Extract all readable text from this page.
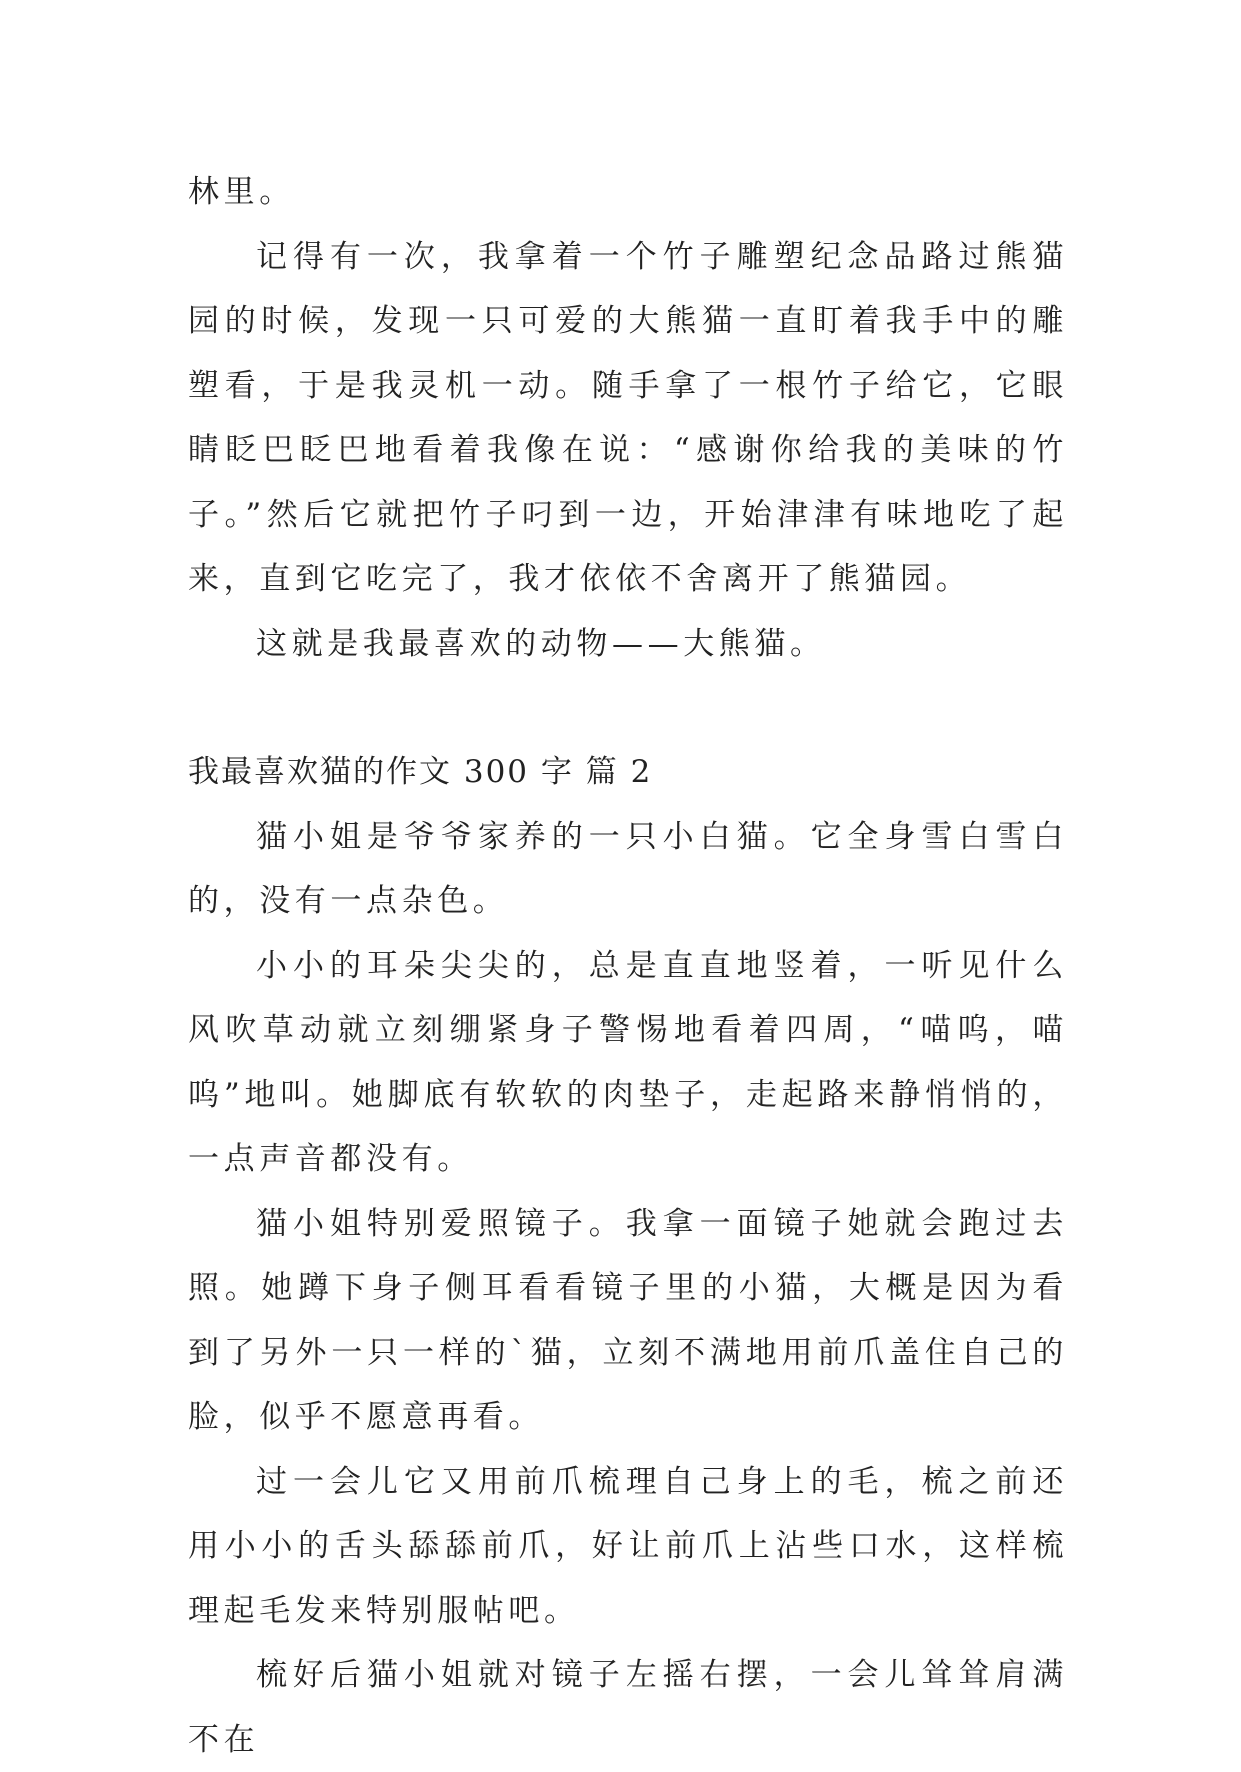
林里。

记得有一次，我拿着一个竹子雕塑纪念品路过熊猫园的时候，发现一只可爱的大熊猫一直盯着我手中的雕塑看，于是我灵机一动。随手拿了一根竹子给它，它眼睛眨巴眨巴地看着我像在说：“感谢你给我的美味的竹子。”然后它就把竹子叼到一边，开始津津有味地吃了起来，直到它吃完了，我才依依不舍离开了熊猫园。

这就是我最喜欢的动物——大熊猫。

我最喜欢猫的作文 300 字 篇 2

猫小姐是爷爷家养的一只小白猫。它全身雪白雪白的，没有一点杂色。

小小的耳朵尖尖的，总是直直地竖着，一听见什么风吹草动就立刻绷紧身子警惕地看着四周，“喵呜，喵呜”地叫。她脚底有软软的肉垫子，走起路来静悄悄的，一点声音都没有。

猫小姐特别爱照镜子。我拿一面镜子她就会跑过去照。她蹲下身子侧耳看看镜子里的小猫，大概是因为看到了另外一只一样的`猫，立刻不满地用前爪盖住自己的脸，似乎不愿意再看。

过一会儿它又用前爪梳理自己身上的毛，梳之前还用小小的舌头舔舔前爪，好让前爪上沾些口水，这样梳理起毛发来特别服帖吧。

梳好后猫小姐就对镜子左摇右摆，一会儿耸耸肩满不在
